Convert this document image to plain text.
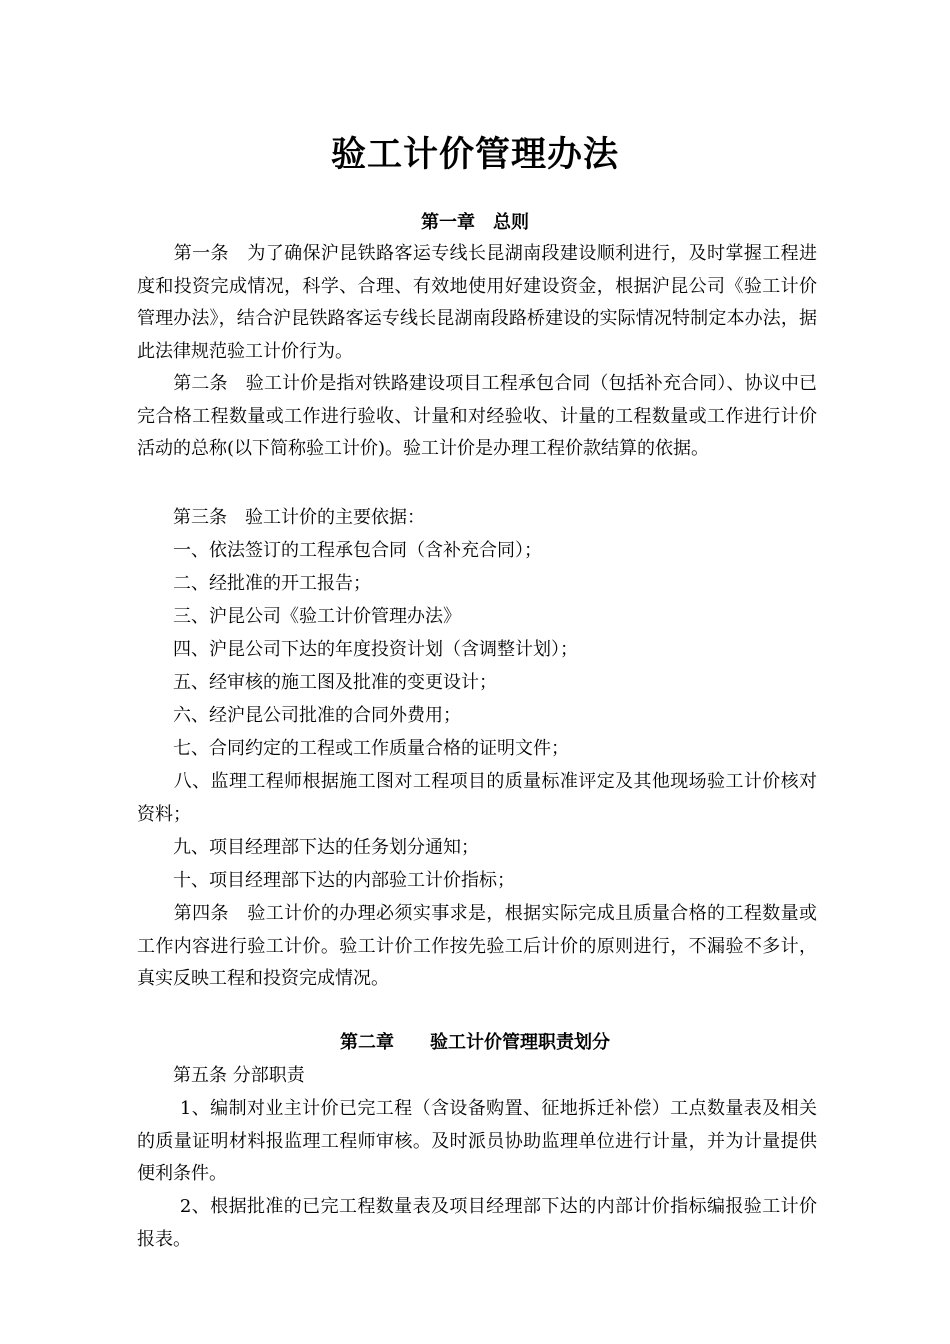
验工计价管理办法
第一章　总则

　　第一条　为了确保沪昆铁路客运专线长昆湖南段建设顺利进行，及时掌握工程进度和投资完成情况，科学、合理、有效地使用好建设资金，根据沪昆公司《验工计价管理办法》，结合沪昆铁路客运专线长昆湖南段路桥建设的实际情况特制定本办法，据此法律规范验工计价行为。

　　第二条　验工计价是指对铁路建设项目工程承包合同（包括补充合同）、协议中已完合格工程数量或工作进行验收、计量和对经验收、计量的工程数量或工作进行计价活动的总称(以下简称验工计价)。验工计价是办理工程价款结算的依据。

　　第三条　验工计价的主要依据：

　　一、依法签订的工程承包合同（含补充合同）；

　　二、经批准的开工报告；

　　三、沪昆公司《验工计价管理办法》

　　四、沪昆公司下达的年度投资计划（含调整计划）；

　　五、经审核的施工图及批准的变更设计；

　　六、经沪昆公司批准的合同外费用；

　　七、合同约定的工程或工作质量合格的证明文件；

　　八、监理工程师根据施工图对工程项目的质量标准评定及其他现场验工计价核对资料；

　　九、项目经理部下达的任务划分通知；

　　十、项目经理部下达的内部验工计价指标；

　　第四条　验工计价的办理必须实事求是，根据实际完成且质量合格的工程数量或工作内容进行验工计价。验工计价工作按先验工后计价的原则进行，不漏验不多计，真实反映工程和投资完成情况。

第二章　　验工计价管理职责划分

　　第五条 分部职责

　　 1、编制对业主计价已完工程（含设备购置、征地拆迁补偿）工点数量表及相关的质量证明材料报监理工程师审核。及时派员协助监理单位进行计量，并为计量提供便利条件。

　　 2、根据批准的已完工程数量表及项目经理部下达的内部计价指标编报验工计价报表。
